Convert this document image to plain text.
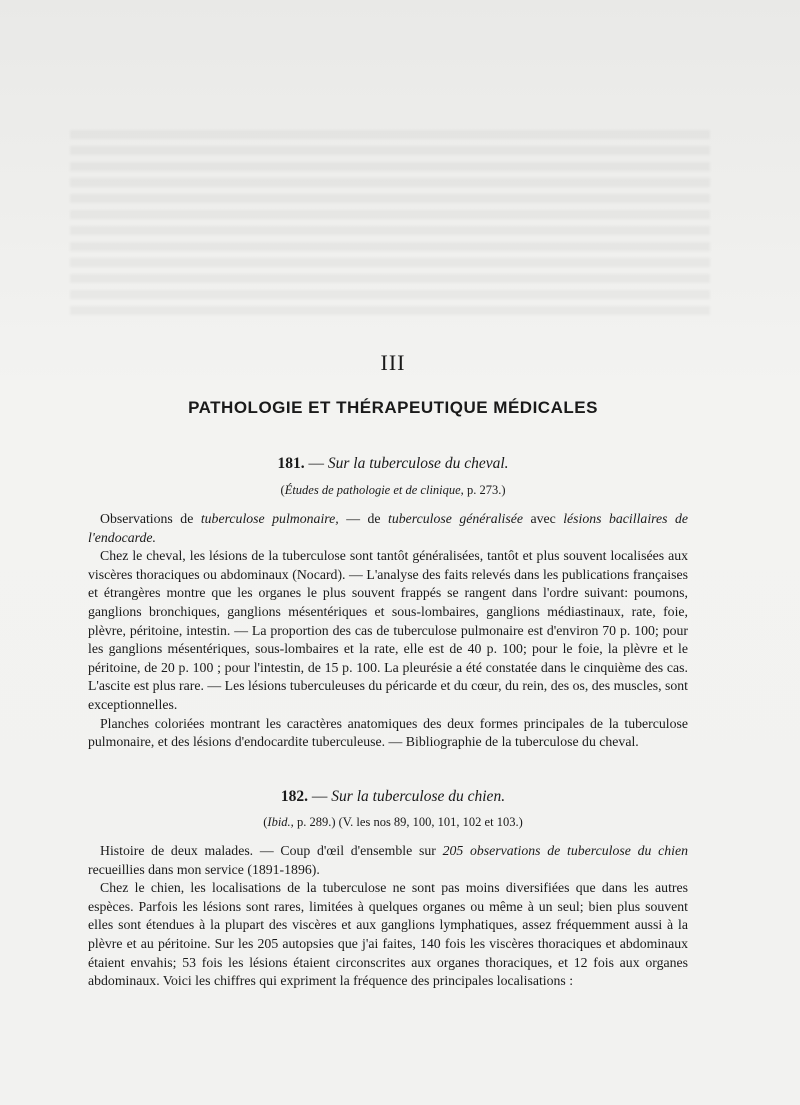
III
PATHOLOGIE ET THÉRAPEUTIQUE MÉDICALES
181. — Sur la tuberculose du cheval.
(Études de pathologie et de clinique, p. 273.)

Observations de tuberculose pulmonaire, — de tuberculose généralisée avec lésions bacillaires de l'endocarde.

Chez le cheval, les lésions de la tuberculose sont tantôt généralisées, tantôt et plus souvent localisées aux viscères thoraciques ou abdominaux (Nocard). — L'analyse des faits relevés dans les publications françaises et étrangères montre que les organes le plus souvent frappés se rangent dans l'ordre suivant: poumons, ganglions bronchiques, ganglions mésentériques et sous-lombaires, ganglions médiastinaux, rate, foie, plèvre, péritoine, intestin. — La proportion des cas de tuberculose pulmonaire est d'environ 70 p. 100; pour les ganglions mésentériques, sous-lombaires et la rate, elle est de 40 p. 100; pour le foie, la plèvre et le péritoine, de 20 p. 100 ; pour l'intestin, de 15 p. 100. La pleurésie a été constatée dans le cinquième des cas. L'ascite est plus rare. — Les lésions tuberculeuses du péricarde et du cœur, du rein, des os, des muscles, sont exceptionnelles.

Planches coloriées montrant les caractères anatomiques des deux formes principales de la tuberculose pulmonaire, et des lésions d'endocardite tuberculeuse. — Bibliographie de la tuberculose du cheval.

182. — Sur la tuberculose du chien.
(Ibid., p. 289.) (V. les nos 89, 100, 101, 102 et 103.)

Histoire de deux malades. — Coup d'œil d'ensemble sur 205 observations de tuberculose du chien recueillies dans mon service (1891-1896).

Chez le chien, les localisations de la tuberculose ne sont pas moins diversifiées que dans les autres espèces. Parfois les lésions sont rares, limitées à quelques organes ou même à un seul; bien plus souvent elles sont étendues à la plupart des viscères et aux ganglions lymphatiques, assez fréquemment aussi à la plèvre et au péritoine. Sur les 205 autopsies que j'ai faites, 140 fois les viscères thoraciques et abdominaux étaient envahis; 53 fois les lésions étaient circonscrites aux organes thoraciques, et 12 fois aux organes abdominaux. Voici les chiffres qui expriment la fréquence des principales localisations :
